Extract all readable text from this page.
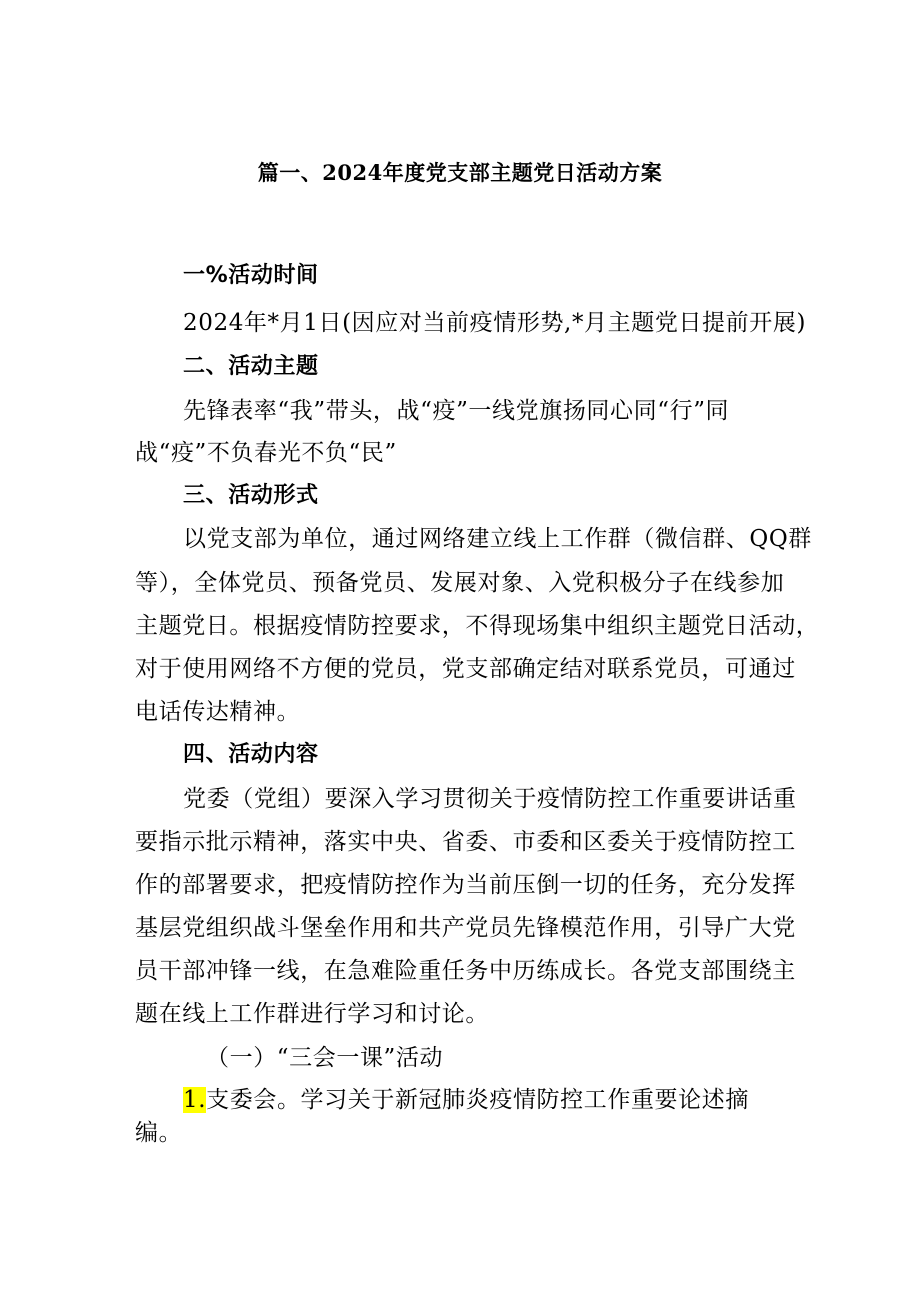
篇一、2024年度党支部主题党日活动方案
一%活动时间
2024年*月1日(因应对当前疫情形势,*月主题党日提前开展)
二、活动主题
先锋表率“我”带头，战“疫”一线党旗扬同心同“行”同
战“疫”不负春光不负“民”
三、活动形式
以党支部为单位，通过网络建立线上工作群（微信群、QQ群
等），全体党员、预备党员、发展对象、入党积极分子在线参加
主题党日。根据疫情防控要求，不得现场集中组织主题党日活动，
对于使用网络不方便的党员，党支部确定结对联系党员，可通过
电话传达精神。
四、活动内容
党委（党组）要深入学习贯彻关于疫情防控工作重要讲话重
要指示批示精神，落实中央、省委、市委和区委关于疫情防控工
作的部署要求，把疫情防控作为当前压倒一切的任务，充分发挥
基层党组织战斗堡垒作用和共产党员先锋模范作用，引导广大党
员干部冲锋一线，在急难险重任务中历练成长。各党支部围绕主
题在线上工作群进行学习和讨论。
（一）“三会一课”活动
1.支委会。学习关于新冠肺炎疫情防控工作重要论述摘
编。
